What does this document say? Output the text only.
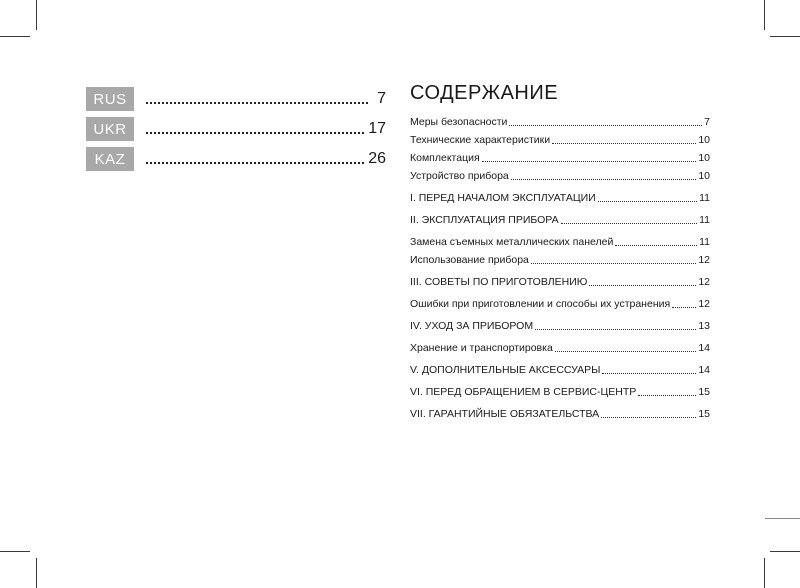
RUS	7
UKR	17
KAZ	26
СОДЕРЖАНИЕ
Меры безопасности	7
Технические характеристики	10
Комплектация	10
Устройство прибора	10
I. ПЕРЕД НАЧАЛОМ ЭКСПЛУАТАЦИИ	11
II. ЭКСПЛУАТАЦИЯ ПРИБОРА	11
Замена съемных металлических панелей	11
Использование прибора	12
III. СОВЕТЫ ПО ПРИГОТОВЛЕНИЮ	12
Ошибки при приготовлении и способы их устранения	12
IV. УХОД ЗА ПРИБОРОМ	13
Хранение и транспортировка	14
V. ДОПОЛНИТЕЛЬНЫЕ АКСЕССУАРЫ	14
VI. ПЕРЕД ОБРАЩЕНИЕМ В СЕРВИС-ЦЕНТР	15
VII. ГАРАНТИЙНЫЕ ОБЯЗАТЕЛЬСТВА	15
